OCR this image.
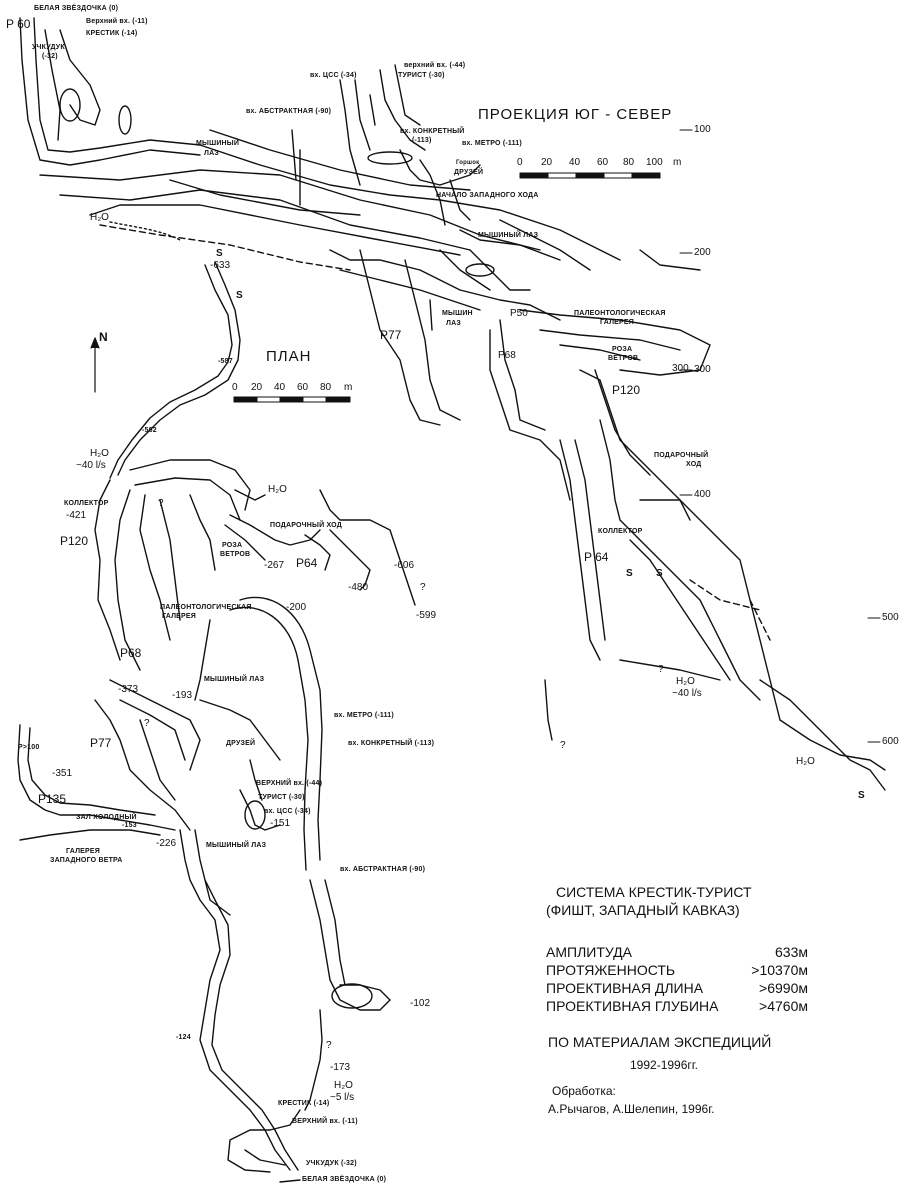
ПРОЕКЦИЯ ЮГ - СЕВЕР
0 20 40 60 80 100 m
100
200
300
400
500
600
P 60
БЕЛАЯ ЗВЁЗДОЧКА (0)
Верхний вх. (-11)
КРЕСТИК (-14)
УЧКУДУК
(-32)
вх. ЦСС (-34)
верхний вх. (-44)
ТУРИСТ (-30)
вх. АБСТРАКТНАЯ (-90)
МЫШИНЫЙ
ЛАЗ
вх. КОНКРЕТНЫЙ
(-113)	вх. МЕТРО (-111)
Горшок
ДРУЗЕЙ
НАЧАЛО ЗАПАДНОГО ХОДА
H₂O
МЫШИНЫЙ ЛАЗ
P77
МЫШИН
ЛАЗ
P50
P68
ПАЛЕОНТОЛОГИЧЕСКАЯ
ГАЛЕРЕЯ
РОЗА
ВЕТРОВ
300
P120
ПОДАРОЧНЫЙ
ХОД
КОЛЛЕКТОР
P 64
S S
H₂O
~40 l/s
H₂O
S
?
?
N
ПЛАН
0 20 40 60 80 m
-633
S
S
-587
-562
H₂O
~40 l/s
H₂O
КОЛЛЕКТОР
-421
P120	РОЗА
ВЕТРОВ
ПОДАРОЧНЫЙ ХОД
-267 P64
-480
-606
-599
ПАЛЕОНТОЛОГИЧЕСКАЯ
ГАЛЕРЕЯ
-200
P68
-373
-193
МЫШИНЫЙ ЛАЗ
вх. МЕТРО (-111)
P77	ДРУЗЕЙ	вх. КОНКРЕТНЫЙ (-113)
P>100
-351
P135
ВЕРХНИЙ вх. (-44)
ТУРИСТ (-30)
вх. ЦСС (-34)
-151
ЗАЛ ХОЛОДНЫЙ
-153
ГАЛЕРЕЯ
ЗАПАДНОГО ВЕТРА
-226	МЫШИНЫЙ ЛАЗ
вх. АБСТРАКТНАЯ (-90)
-102
-124
-173
H₂O
~5 l/s
КРЕСТИК (-14)
ВЕРХНИЙ вх. (-11)
УЧКУДУК (-32)
БЕЛАЯ ЗВЁЗДОЧКА (0)
?
?
?
?
СИСТЕМА КРЕСТИК-ТУРИСТ
(ФИШТ, ЗАПАДНЫЙ КАВКАЗ)
АМПЛИТУДА	633м
ПРОТЯЖЕННОСТЬ	>10370м
ПРОЕКТИВНАЯ ДЛИНА	>6990м
ПРОЕКТИВНАЯ ГЛУБИНА	>4760м
ПО МАТЕРИАЛАМ ЭКСПЕДИЦИЙ
1992-1996гг.
Обработка:
А.Рычагов, А.Шелепин, 1996г.
